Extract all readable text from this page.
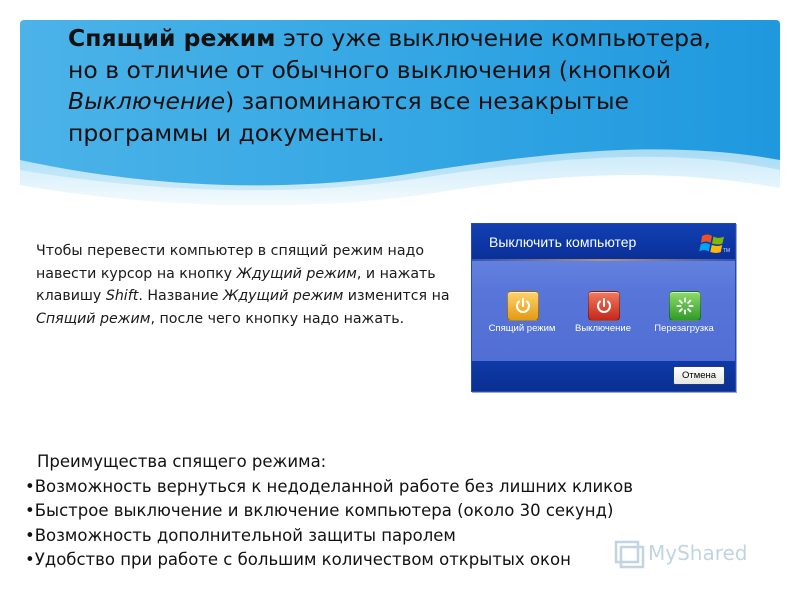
Спящий режим это уже выключение компьютера, но в отличие от обычного выключения (кнопкой Выключение) запоминаются все незакрытые программы и документы.

Чтобы перевести компьютер в спящий режим надо навести курсор на кнопку Ждущий режим, и нажать клавишу Shift. Название Ждущий режим изменится на Спящий режим, после чего кнопку надо нажать.

Выключить компьютер
TM
Спящий режим	Выключение	Перезагрузка
Отмена

Преимущества спящего режима:

•Возможность вернуться к недоделанной работе без лишних кликов
•Быстрое выключение и включение компьютера (около 30 секунд)
•Возможность дополнительной защиты паролем
•Удобство при работе с большим количеством открытых окон	MyShared
